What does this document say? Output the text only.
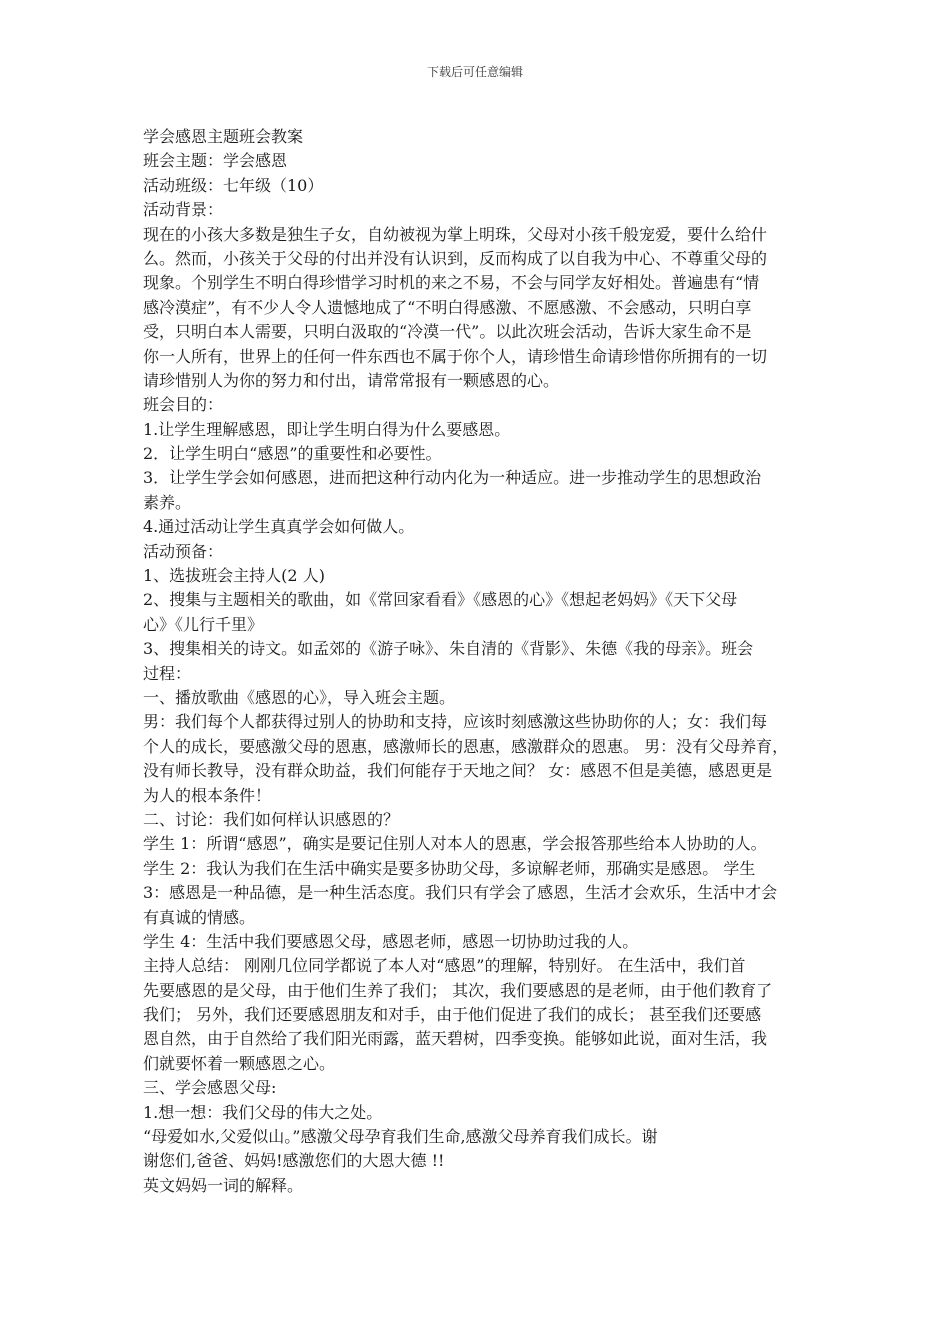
下载后可任意编辑
学会感恩主题班会教案
班会主题：学会感恩
活动班级：七年级（10）
活动背景：
现在的小孩大多数是独生子女，自幼被视为掌上明珠，父母对小孩千般宠爱，要什么给什
么。然而，小孩关于父母的付出并没有认识到，反而构成了以自我为中心、不尊重父母的
现象。个别学生不明白得珍惜学习时机的来之不易，不会与同学友好相处。普遍患有“情
感冷漠症”，有不少人令人遗憾地成了“不明白得感激、不愿感激、不会感动，只明白享
受，只明白本人需要，只明白汲取的“冷漠一代”。以此次班会活动，告诉大家生命不是
你一人所有，世界上的任何一件东西也不属于你个人，请珍惜生命请珍惜你所拥有的一切
请珍惜别人为你的努力和付出，请常常报有一颗感恩的心。
班会目的：
1.让学生理解感恩，即让学生明白得为什么要感恩。
2．让学生明白“感恩”的重要性和必要性。
3．让学生学会如何感恩，进而把这种行动内化为一种适应。进一步推动学生的思想政治
素养。
4.通过活动让学生真真学会如何做人。
活动预备：
1、选拔班会主持人(2 人)
2、搜集与主题相关的歌曲，如《常回家看看》《感恩的心》《想起老妈妈》《天下父母
心》《儿行千里》
3、搜集相关的诗文。如孟郊的《游子咏》、朱自清的《背影》、朱德《我的母亲》。班会
过程：
一、播放歌曲《感恩的心》，导入班会主题。
男：我们每个人都获得过别人的协助和支持，应该时刻感激这些协助你的人；女：我们每
个人的成长，要感激父母的恩惠，感激师长的恩惠，感激群众的恩惠。 男：没有父母养育，
没有师长教导，没有群众助益，我们何能存于天地之间？ 女：感恩不但是美德，感恩更是
为人的根本条件！
二、讨论：我们如何样认识感恩的？
学生 1：所谓“感恩”，确实是要记住别人对本人的恩惠，学会报答那些给本人协助的人。
学生 2：我认为我们在生活中确实是要多协助父母，多谅解老师，那确实是感恩。 学生
3：感恩是一种品德，是一种生活态度。我们只有学会了感恩，生活才会欢乐，生活中才会
有真诚的情感。
学生 4：生活中我们要感恩父母，感恩老师，感恩一切协助过我的人。
主持人总结： 刚刚几位同学都说了本人对“感恩”的理解，特别好。 在生活中，我们首
先要感恩的是父母，由于他们生养了我们； 其次，我们要感恩的是老师，由于他们教育了
我们； 另外，我们还要感恩朋友和对手，由于他们促进了我们的成长； 甚至我们还要感
恩自然，由于自然给了我们阳光雨露，蓝天碧树，四季变换。能够如此说，面对生活，我
们就要怀着一颗感恩之心。
三、学会感恩父母:
1.想一想：我们父母的伟大之处。
“母爱如水,父爱似山。”感激父母孕育我们生命,感激父母养育我们成长。谢
谢您们,爸爸、妈妈!感激您们的大恩大德 !!
英文妈妈一词的解释。
